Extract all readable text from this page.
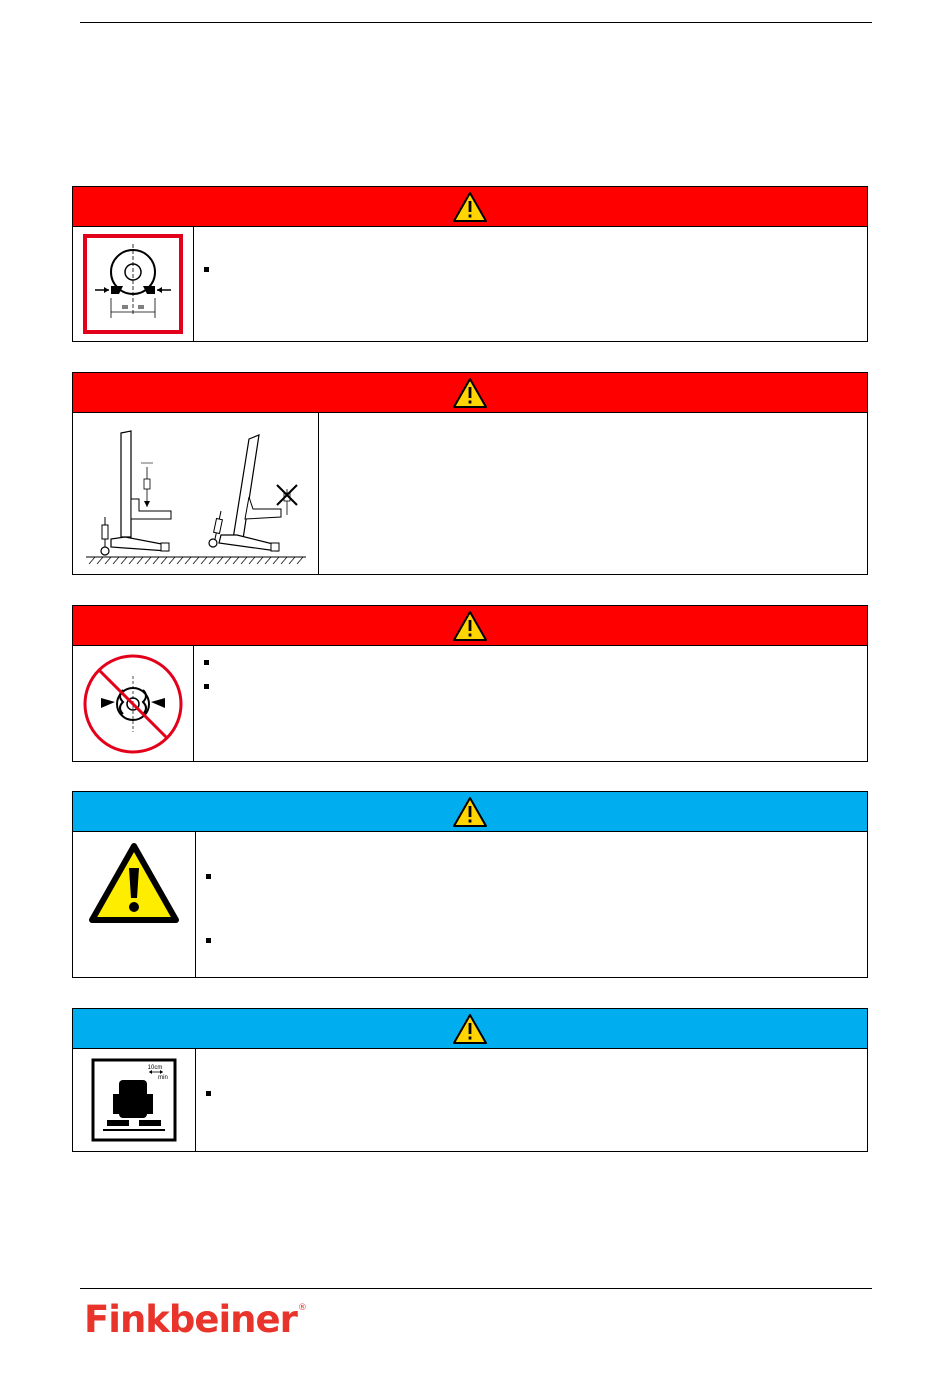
10cm
min
Finkbeiner ®
